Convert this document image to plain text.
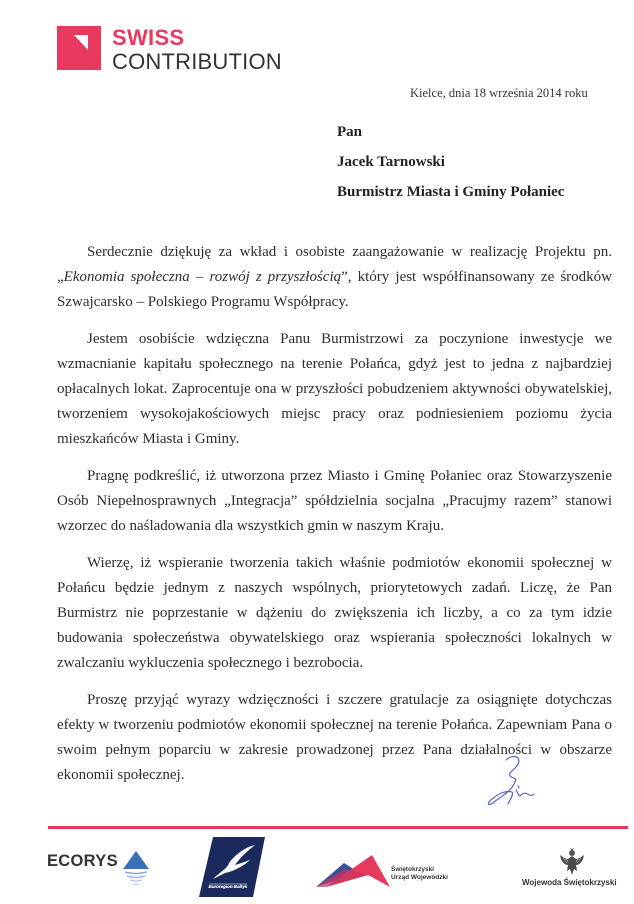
SWISS
CONTRIBUTION
Kielce, dnia 18 września 2014 roku
Pan
Jacek Tarnowski
Burmistrz Miasta i Gminy Połaniec

Serdecznie dziękuję za wkład i osobiste zaangażowanie w realizację Projektu pn. „Ekonomia społeczna – rozwój z przyszłością”, który jest współfinansowany ze środków Szwajcarsko – Polskiego Programu Współpracy.

Jestem osobiście wdzięczna Panu Burmistrzowi za poczynione inwestycje we wzmacnianie kapitału społecznego na terenie Połańca, gdyż jest to jedna z najbardziej opłacalnych lokat. Zaprocentuje ona w przyszłości pobudzeniem aktywności obywatelskiej, tworzeniem wysokojakościowych miejsc pracy oraz podniesieniem poziomu życia mieszkańców Miasta i Gminy.

Pragnę podkreślić, iż utworzona przez Miasto i Gminę Połaniec oraz Stowarzyszenie Osób Niepełnosprawnych „Integracja” spółdzielnia socjalna „Pracujmy razem” stanowi wzorzec do naśladowania dla wszystkich gmin w naszym Kraju.

Wierzę, iż wspieranie tworzenia takich właśnie podmiotów ekonomii społecznej w Połańcu będzie jednym z naszych wspólnych, priorytetowych zadań. Liczę, że Pan Burmistrz nie poprzestanie w dążeniu do zwiększenia ich liczby, a co za tym idzie budowania społeczeństwa obywatelskiego oraz wspierania społeczności lokalnych w zwalczaniu wykluczenia społecznego i bezrobocia.

Proszę przyjąć wyrazy wdzięczności i szczere gratulacje za osiągnięte dotychczas efekty w tworzeniu podmiotów ekonomii społecznej na terenie Połańca. Zapewniam Pana o swoim pełnym poparciu w zakresie prowadzonej przez Pana działalności w obszarze ekonomii społecznej.

ECORYS
Euroregion Bałtyk
Świętokrzyski
Urząd Wojewódzki
Wojewoda Świętokrzyski
